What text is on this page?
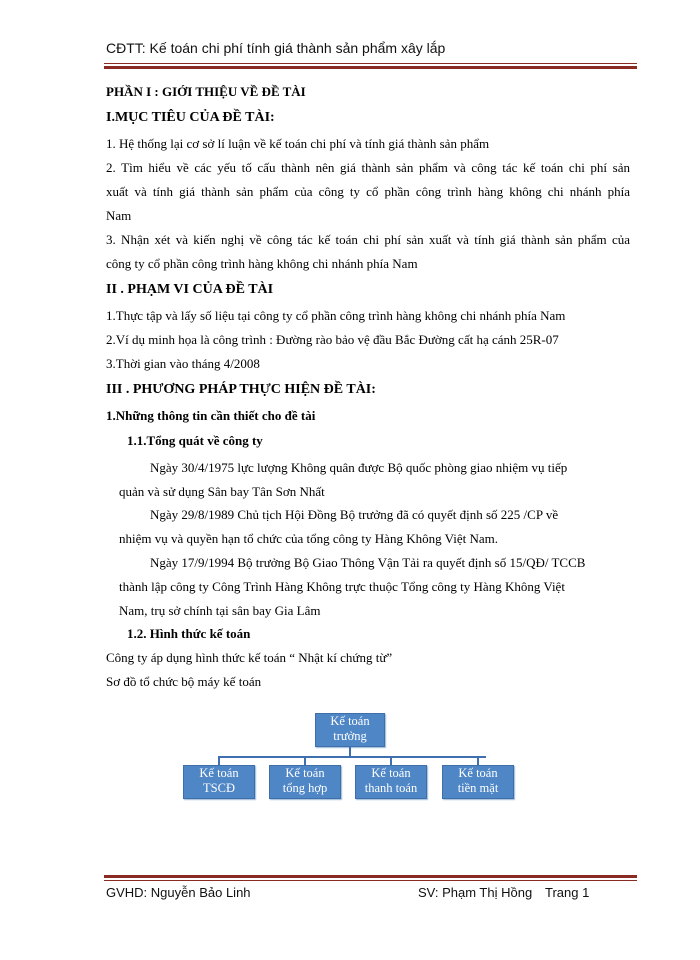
CĐTT: Kế toán chi phí tính giá thành sản phẩm xây lắp
PHẦN I : GIỚI THIỆU VỀ ĐỀ TÀI
I.MỤC TIÊU CỦA ĐỀ TÀI:
1. Hệ thống lại cơ sở lí luận về kế toán chi phí và tính giá thành sản phẩm
2. Tìm hiểu về các yếu tố cấu thành nên giá thành sản phẩm và công tác kế toán chi phí sản
xuất và tính giá thành sản phẩm của công ty cổ phần công trình hàng không chi nhánh phía
Nam
3. Nhận xét và kiến nghị về công tác kế toán chi phí sản xuất và tính giá thành sản phẩm của
công ty cổ phần công trình hàng không chi nhánh phía Nam
II . PHẠM VI CỦA ĐỀ TÀI
1.Thực tập và lấy số liệu tại công ty cổ phần công trình hàng không chi nhánh phía Nam
2.Ví dụ minh họa là công trình : Đường rào bảo vệ đầu Bắc Đường cất hạ cánh 25R-07
3.Thời gian vào tháng 4/2008
III . PHƯƠNG PHÁP THỰC HIỆN ĐỀ TÀI:
1.Những thông tin cần thiết cho đề tài
1.1.Tổng quát về công ty
Ngày 30/4/1975 lực lượng Không quân được Bộ quốc phòng giao nhiệm vụ tiếp
quản và sử dụng Sân bay Tân Sơn Nhất
Ngày 29/8/1989 Chủ tịch Hội Đồng Bộ trưởng đã có quyết định số 225 /CP về
nhiệm vụ và quyền hạn tổ chức của tổng công ty Hàng Không Việt Nam.
Ngày 17/9/1994 Bộ trưởng Bộ Giao Thông Vận Tải ra quyết định số 15/QĐ/ TCCB
thành lập công ty Công Trình Hàng Không trực thuộc Tổng công ty Hàng Không Việt
Nam, trụ sở chính tại sân bay Gia Lâm
1.2. Hình thức kế toán
Công ty áp dụng hình thức kế toán “ Nhật kí chứng từ”
Sơ đồ tổ chức bộ máy kế toán
Kế toán
trưởng
Kế toán
TSCĐ
Kế toán
tổng hợp
Kế toán
thanh toán
Kế toán
tiền mặt
GVHD: Nguyễn Bảo Linh	SV: Phạm Thị Hồng Trang 1
